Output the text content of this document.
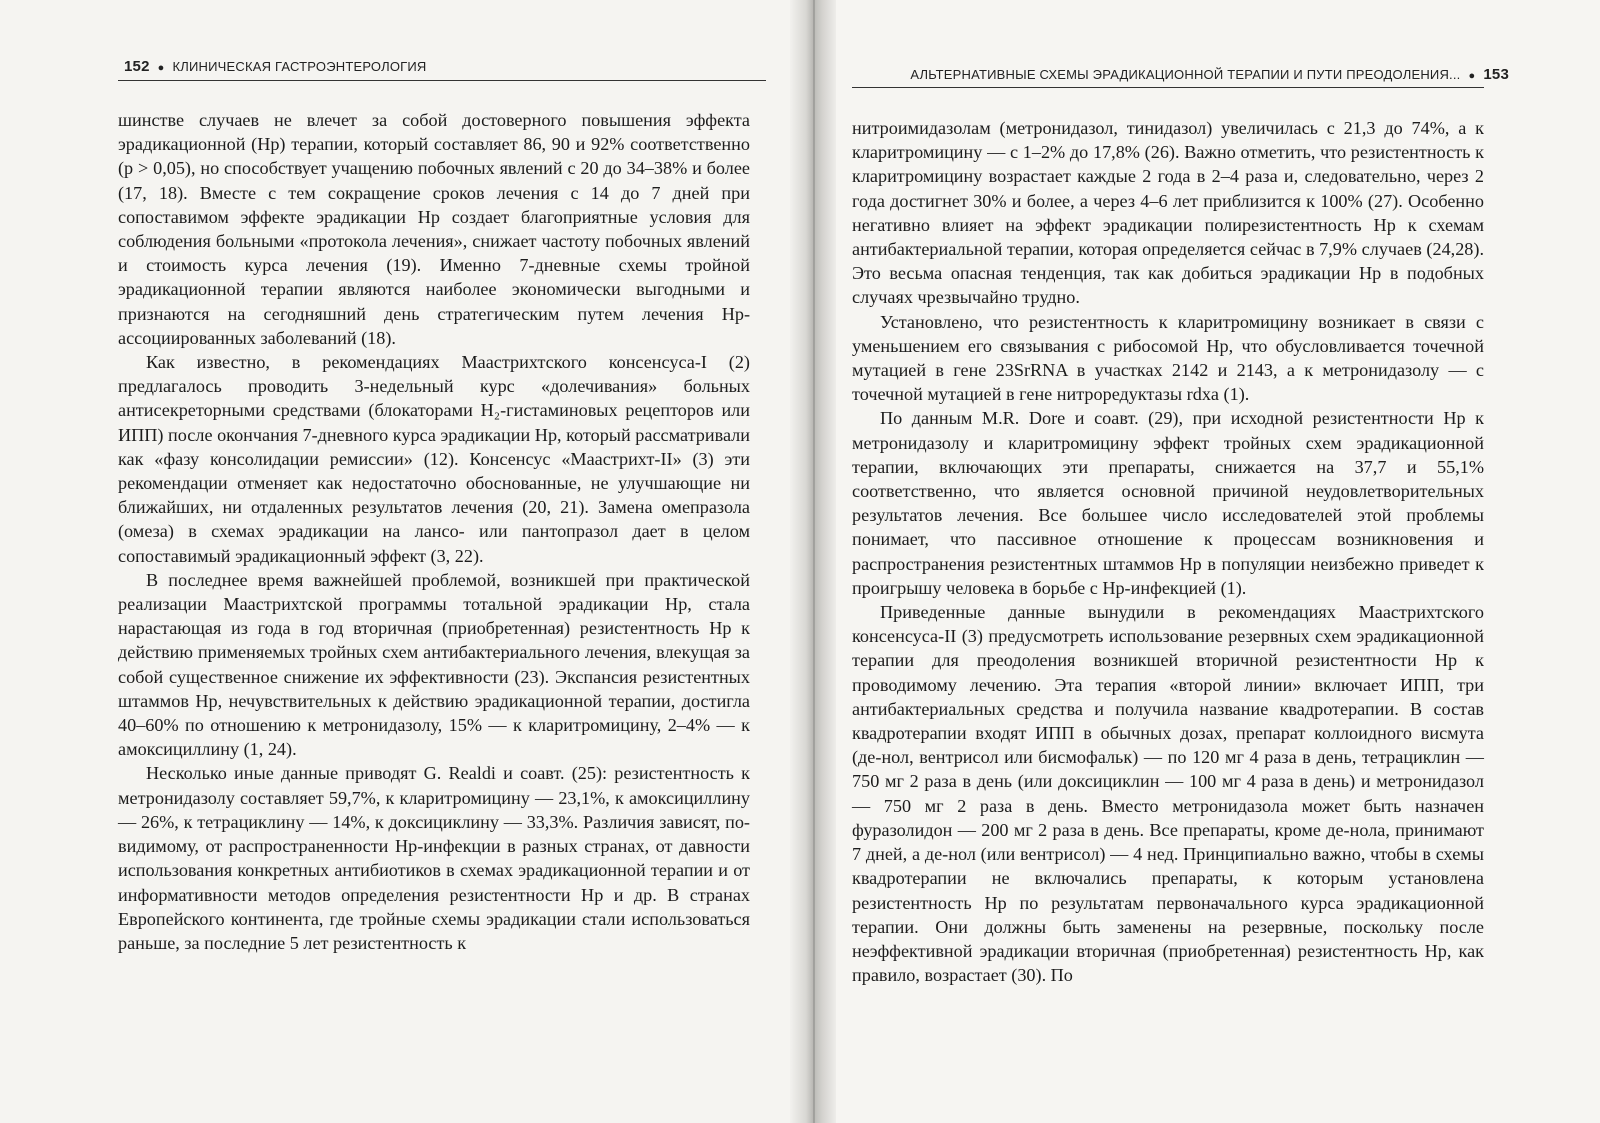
152 ● КЛИНИЧЕСКАЯ ГАСТРОЭНТЕРОЛОГИЯ
АЛЬТЕРНАТИВНЫЕ СХЕМЫ ЭРАДИКАЦИОННОЙ ТЕРАПИИ И ПУТИ ПРЕОДОЛЕНИЯ... ● 153

шинстве случаев не влечет за собой достоверного повышения эффекта эрадикационной (Hp) терапии, который составляет 86, 90 и 92% соответственно (p > 0,05), но способствует учащению побочных явлений с 20 до 34–38% и более (17, 18). Вместе с тем сокращение сроков лечения с 14 до 7 дней при сопоставимом эффекте эрадикации Hp создает благоприятные условия для соблюдения больными «протокола лечения», снижает частоту побочных явлений и стоимость курса лечения (19). Именно 7-дневные схемы тройной эрадикационной терапии являются наиболее экономически выгодными и признаются на сегодняшний день стратегическим путем лечения Hp-ассоциированных заболеваний (18).

Как известно, в рекомендациях Маастрихтского консенсуса-I (2) предлагалось проводить 3-недельный курс «долечивания» больных антисекреторными средствами (блокаторами H₂-гистаминовых рецепторов или ИПП) после окончания 7-дневного курса эрадикации Hp, который рассматривали как «фазу консолидации ремиссии» (12). Консенсус «Маастрихт-II» (3) эти рекомендации отменяет как недостаточно обоснованные, не улучшающие ни ближайших, ни отдаленных результатов лечения (20, 21). Замена омепразола (омеза) в схемах эрадикации на лансо- или пантопразол дает в целом сопоставимый эрадикационный эффект (3, 22).

В последнее время важнейшей проблемой, возникшей при практической реализации Маастрихтской программы тотальной эрадикации Hp, стала нарастающая из года в год вторичная (приобретенная) резистентность Hp к действию применяемых тройных схем антибактериального лечения, влекущая за собой существенное снижение их эффективности (23). Экспансия резистентных штаммов Hp, нечувствительных к действию эрадикационной терапии, достигла 40–60% по отношению к метронидазолу, 15% — к кларитромицину, 2–4% — к амоксициллину (1, 24).

Несколько иные данные приводят G. Realdi и соавт. (25): резистентность к метронидазолу составляет 59,7%, к кларитромицину — 23,1%, к амоксициллину — 26%, к тетрациклину — 14%, к доксициклину — 33,3%. Различия зависят, по-видимому, от распространенности Hp-инфекции в разных странах, от давности использования конкретных антибиотиков в схемах эрадикационной терапии и от информативности методов определения резистентности Hp и др. В странах Европейского континента, где тройные схемы эрадикации стали использоваться раньше, за последние 5 лет резистентность к

нитроимидазолам (метронидазол, тинидазол) увеличилась с 21,3 до 74%, а к кларитромицину — с 1–2% до 17,8% (26). Важно отметить, что резистентность к кларитромицину возрастает каждые 2 года в 2–4 раза и, следовательно, через 2 года достигнет 30% и более, а через 4–6 лет приблизится к 100% (27). Особенно негативно влияет на эффект эрадикации полирезистентность Hp к схемам антибактериальной терапии, которая определяется сейчас в 7,9% случаев (24,28). Это весьма опасная тенденция, так как добиться эрадикации Hp в подобных случаях чрезвычайно трудно.

Установлено, что резистентность к кларитромицину возникает в связи с уменьшением его связывания с рибосомой Hp, что обусловливается точечной мутацией в гене 23SrRNA в участках 2142 и 2143, а к метронидазолу — с точечной мутацией в гене нитроредуктазы rdxa (1).

По данным M.R. Dore и соавт. (29), при исходной резистентности Hp к метронидазолу и кларитромицину эффект тройных схем эрадикационной терапии, включающих эти препараты, снижается на 37,7 и 55,1% соответственно, что является основной причиной неудовлетворительных результатов лечения. Все большее число исследователей этой проблемы понимает, что пассивное отношение к процессам возникновения и распространения резистентных штаммов Hp в популяции неизбежно приведет к проигрышу человека в борьбе с Hp-инфекцией (1).

Приведенные данные вынудили в рекомендациях Маастрихтского консенсуса-II (3) предусмотреть использование резервных схем эрадикационной терапии для преодоления возникшей вторичной резистентности Hp к проводимому лечению. Эта терапия «второй линии» включает ИПП, три антибактериальных средства и получила название квадротерапии. В состав квадротерапии входят ИПП в обычных дозах, препарат коллоидного висмута (де-нол, вентрисол или бисмофальк) — по 120 мг 4 раза в день, тетрациклин — 750 мг 2 раза в день (или доксициклин — 100 мг 4 раза в день) и метронидазол — 750 мг 2 раза в день. Вместо метронидазола может быть назначен фуразолидон — 200 мг 2 раза в день. Все препараты, кроме де-нола, принимают 7 дней, а де-нол (или вентрисол) — 4 нед. Принципиально важно, чтобы в схемы квадротерапии не включались препараты, к которым установлена резистентность Hp по результатам первоначального курса эрадикационной терапии. Они должны быть заменены на резервные, поскольку после неэффективной эрадикации вторичная (приобретенная) резистентность Hp, как правило, возрастает (30). По
